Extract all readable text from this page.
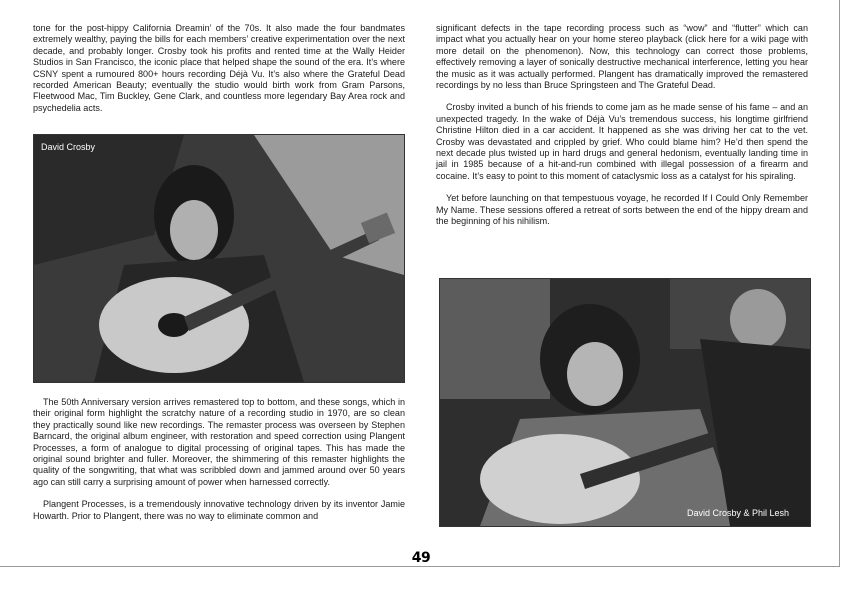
tone for the post-hippy California Dreamin’ of the 70s. It also made the four bandmates extremely wealthy, paying the bills for each members’ creative experimentation over the next decade, and probably longer. Crosby took his profits and rented time at the Wally Heider Studios in San Francisco, the iconic place that helped shape the sound of the era. It’s where CSNY spent a rumoured 800+ hours recording Déjà Vu. It’s also where the Grateful Dead recorded American Beauty; eventually the studio would birth work from Gram Parsons, Fleetwood Mac, Tim Buckley, Gene Clark, and countless more legendary Bay Area rock and psychedelia acts.

David Crosby

The 50th Anniversary version arrives remastered top to bottom, and these songs, which in their original form highlight the scratchy nature of a recording studio in 1970, are so clean they practically sound like new recordings. The remaster process was overseen by Stephen Barncard, the original album engineer, with restoration and speed correction using Plangent Processes, a form of analogue to digital processing of original tapes. This has made the original sound brighter and fuller. Moreover, the shimmering of this remaster highlights the quality of the songwriting, that what was scribbled down and jammed around over 50 years ago can still carry a surprising amount of power when harnessed correctly.

Plangent Processes, is a tremendously innovative technology driven by its inventor Jamie Howarth. Prior to Plangent, there was no way to eliminate common and

significant defects in the tape recording process such as “wow” and “flutter” which can impact what you actually hear on your home stereo playback (click here for a wiki page with more detail on the phenomenon). Now, this technology can correct those problems, effectively removing a layer of sonically destructive mechanical interference, letting you hear the music as it was actually performed. Plangent has dramatically improved the remastered recordings by no less than Bruce Springsteen and The Grateful Dead.

Crosby invited a bunch of his friends to come jam as he made sense of his fame – and an unexpected tragedy. In the wake of Déjà Vu’s tremendous success, his longtime girlfriend Christine Hilton died in a car accident. It happened as she was driving her cat to the vet. Crosby was devastated and crippled by grief. Who could blame him? He’d then spend the next decade plus twisted up in hard drugs and general hedonism, eventually landing time in jail in 1985 because of a hit-and-run combined with illegal possession of a firearm and cocaine. It’s easy to point to this moment of cataclysmic loss as a catalyst for his spiraling.

Yet before launching on that tempestuous voyage, he recorded If I Could Only Remember My Name. These sessions offered a retreat of sorts between the end of the hippy dream and the beginning of his nihilism.

David Crosby & Phil Lesh
49
